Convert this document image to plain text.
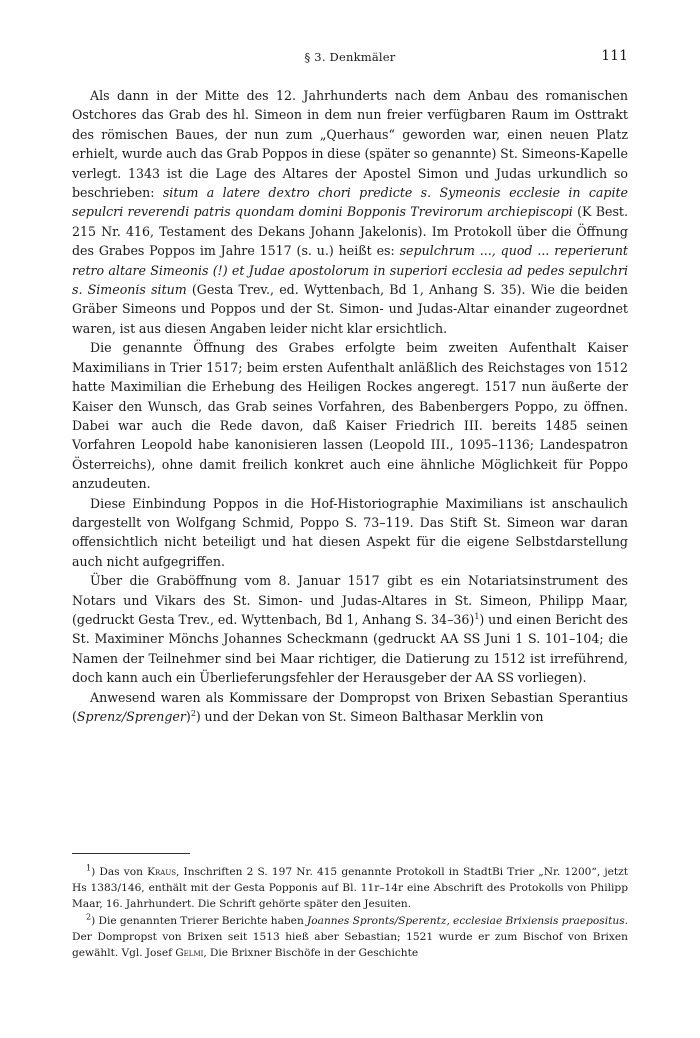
§ 3. Denkmäler	111

Als dann in der Mitte des 12. Jahrhunderts nach dem Anbau des romanischen Ostchores das Grab des hl. Simeon in dem nun freier verfügbaren Raum im Osttrakt des römischen Baues, der nun zum „Querhaus“ geworden war, einen neuen Platz erhielt, wurde auch das Grab Poppos in diese (später so genannte) St. Simeons-Kapelle verlegt. 1343 ist die Lage des Altares der Apostel Simon und Judas urkundlich so beschrieben: situm a latere dextro chori predicte s. Symeonis ecclesie in capite sepulcri reverendi patris quondam domini Bopponis Trevirorum archiepiscopi (K Best. 215 Nr. 416, Testament des Dekans Johann Jakelonis). Im Protokoll über die Öffnung des Grabes Poppos im Jahre 1517 (s. u.) heißt es: sepulchrum ..., quod ... reperierunt retro altare Simeonis (!) et Judae apostolorum in superiori ecclesia ad pedes sepulchri s. Simeonis situm (Gesta Trev., ed. Wyttenbach, Bd 1, Anhang S. 35). Wie die beiden Gräber Simeons und Poppos und der St. Simon- und Judas-Altar einander zugeordnet waren, ist aus diesen Angaben leider nicht klar ersichtlich.

Die genannte Öffnung des Grabes erfolgte beim zweiten Aufenthalt Kaiser Maximilians in Trier 1517; beim ersten Aufenthalt anläßlich des Reichstages von 1512 hatte Maximilian die Erhebung des Heiligen Rockes angeregt. 1517 nun äußerte der Kaiser den Wunsch, das Grab seines Vorfahren, des Babenbergers Poppo, zu öffnen. Dabei war auch die Rede davon, daß Kaiser Friedrich III. bereits 1485 seinen Vorfahren Leopold habe kanonisieren lassen (Leopold III., 1095–1136; Landespatron Österreichs), ohne damit freilich konkret auch eine ähnliche Möglichkeit für Poppo anzudeuten.

Diese Einbindung Poppos in die Hof-Historiographie Maximilians ist anschaulich dargestellt von Wolfgang Schmid, Poppo S. 73–119. Das Stift St. Simeon war daran offensichtlich nicht beteiligt und hat diesen Aspekt für die eigene Selbstdarstellung auch nicht aufgegriffen.

Über die Graböffnung vom 8. Januar 1517 gibt es ein Notariatsinstrument des Notars und Vikars des St. Simon- und Judas-Altares in St. Simeon, Philipp Maar, (gedruckt Gesta Trev., ed. Wyttenbach, Bd 1, Anhang S. 34–36)$^1$) und einen Bericht des St. Maximiner Mönchs Johannes Scheckmann (gedruckt AA SS Juni 1 S. 101–104; die Namen der Teilnehmer sind bei Maar richtiger, die Datierung zu 1512 ist irreführend, doch kann auch ein Überlieferungsfehler der Herausgeber der AA SS vorliegen).

Anwesend waren als Kommissare der Dompropst von Brixen Sebastian Sperantius (Sprenz/Sprenger)$^2$) und der Dekan von St. Simeon Balthasar Merklin von

$^1$) Das von Kraus, Inschriften 2 S. 197 Nr. 415 genannte Protokoll in StadtBi Trier „Nr. 1200“, jetzt Hs 1383/146, enthält mit der Gesta Popponis auf Bl. 11r–14r eine Abschrift des Protokolls von Philipp Maar, 16. Jahrhundert. Die Schrift gehörte später den Jesuiten.

$^2$) Die genannten Trierer Berichte haben Joannes Spronts/Sperentz, ecclesiae Brixiensis praepositus. Der Dompropst von Brixen seit 1513 hieß aber Sebastian; 1521 wurde er zum Bischof von Brixen gewählt. Vgl. Josef Gelmi, Die Brixner Bischöfe in der Geschichte
